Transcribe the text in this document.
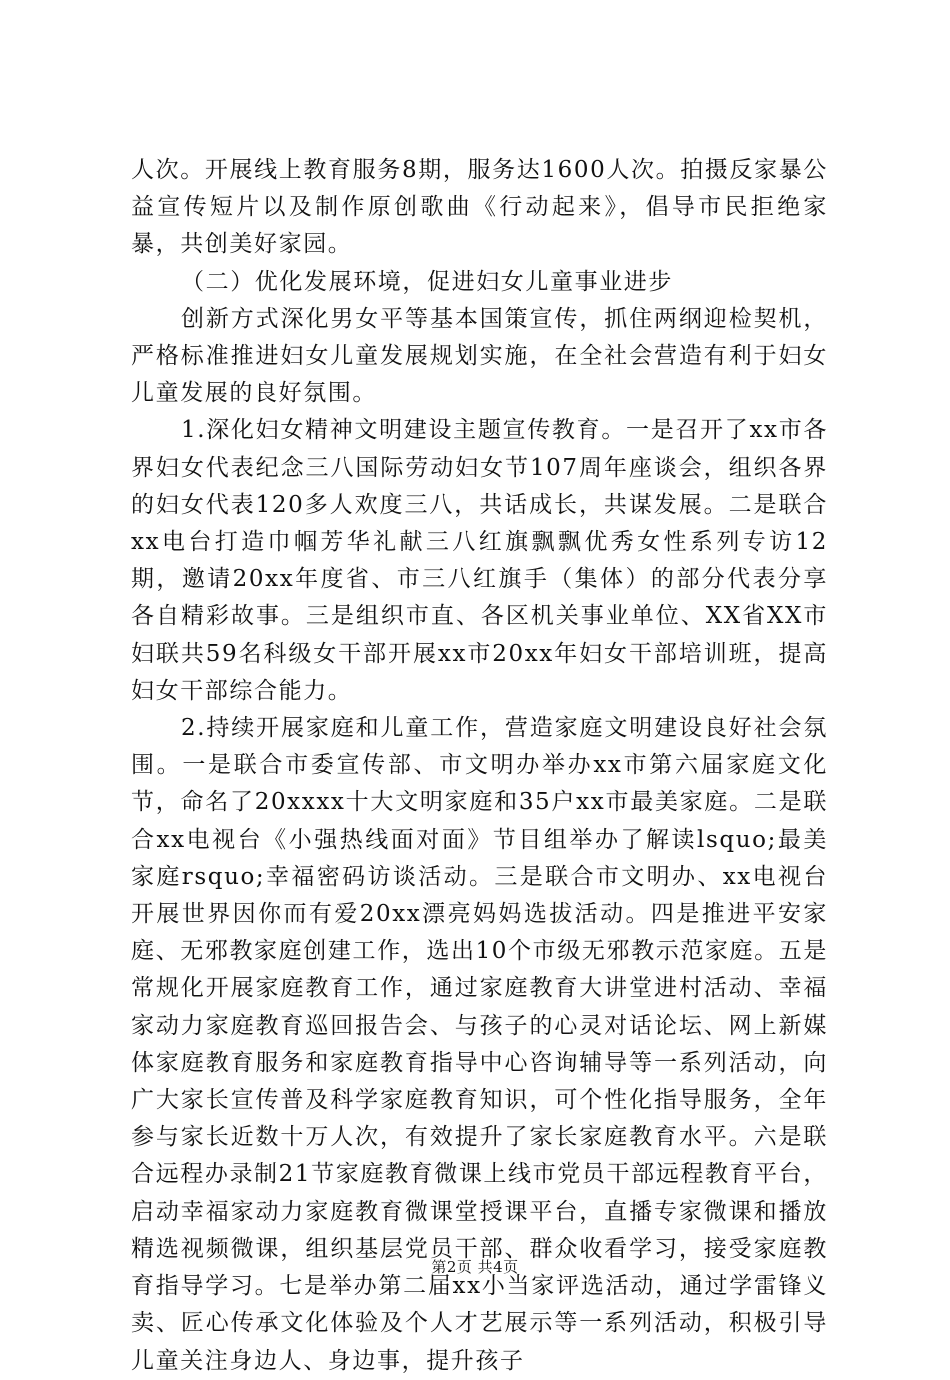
人次。开展线上教育服务8期，服务达1600人次。拍摄反家暴公益宣传短片以及制作原创歌曲《行动起来》，倡导市民拒绝家暴，共创美好家园。

（二）优化发展环境，促进妇女儿童事业进步

创新方式深化男女平等基本国策宣传，抓住两纲迎检契机，严格标准推进妇女儿童发展规划实施，在全社会营造有利于妇女儿童发展的良好氛围。

1.深化妇女精神文明建设主题宣传教育。一是召开了xx市各界妇女代表纪念三八国际劳动妇女节107周年座谈会，组织各界的妇女代表120多人欢度三八，共话成长，共谋发展。二是联合xx电台打造巾帼芳华礼献三八红旗飘飘优秀女性系列专访12期，邀请20xx年度省、市三八红旗手（集体）的部分代表分享各自精彩故事。三是组织市直、各区机关事业单位、XX省XX市妇联共59名科级女干部开展xx市20xx年妇女干部培训班，提高妇女干部综合能力。

2.持续开展家庭和儿童工作，营造家庭文明建设良好社会氛围。一是联合市委宣传部、市文明办举办xx市第六届家庭文化节，命名了20xxxx十大文明家庭和35户xx市最美家庭。二是联合xx电视台《小强热线面对面》节目组举办了解读lsquo;最美家庭rsquo;幸福密码访谈活动。三是联合市文明办、xx电视台开展世界因你而有爱20xx漂亮妈妈选拔活动。四是推进平安家庭、无邪教家庭创建工作，选出10个市级无邪教示范家庭。五是常规化开展家庭教育工作，通过家庭教育大讲堂进村活动、幸福家动力家庭教育巡回报告会、与孩子的心灵对话论坛、网上新媒体家庭教育服务和家庭教育指导中心咨询辅导等一系列活动，向广大家长宣传普及科学家庭教育知识，可个性化指导服务，全年参与家长近数十万人次，有效提升了家长家庭教育水平。六是联合远程办录制21节家庭教育微课上线市党员干部远程教育平台，启动幸福家动力家庭教育微课堂授课平台，直播专家微课和播放精选视频微课，组织基层党员干部、群众收看学习，接受家庭教育指导学习。七是举办第二届xx小当家评选活动，通过学雷锋义卖、匠心传承文化体验及个人才艺展示等一系列活动，积极引导儿童关注身边人、身边事，提升孩子

第2页 共4页
